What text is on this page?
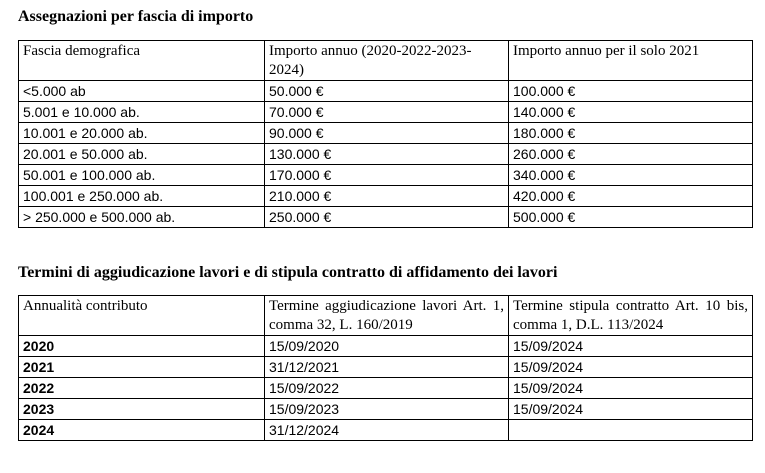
Assegnazioni per fascia di importo
Fascia demografica	Importo annuo (2020-2022-2023-2024)	Importo annuo per il solo 2021
<5.000 ab	50.000 €	100.000 €
5.001 e 10.000 ab.	70.000 €	140.000 €
10.001 e 20.000 ab.	90.000 €	180.000 €
20.001 e 50.000 ab.	130.000 €	260.000 €
50.001 e 100.000 ab.	170.000 €	340.000 €
100.001 e 250.000 ab.	210.000 €	420.000 €
> 250.000 e 500.000 ab.	250.000 €	500.000 €
Termini di aggiudicazione lavori e di stipula contratto di affidamento dei lavori
Annualità contributo	Termine aggiudicazione lavori Art. 1, comma 32, L. 160/2019	Termine stipula contratto Art. 10 bis, comma 1, D.L. 113/2024
2020	15/09/2020	15/09/2024
2021	31/12/2021	15/09/2024
2022	15/09/2022	15/09/2024
2023	15/09/2023	15/09/2024
2024	31/12/2024	
